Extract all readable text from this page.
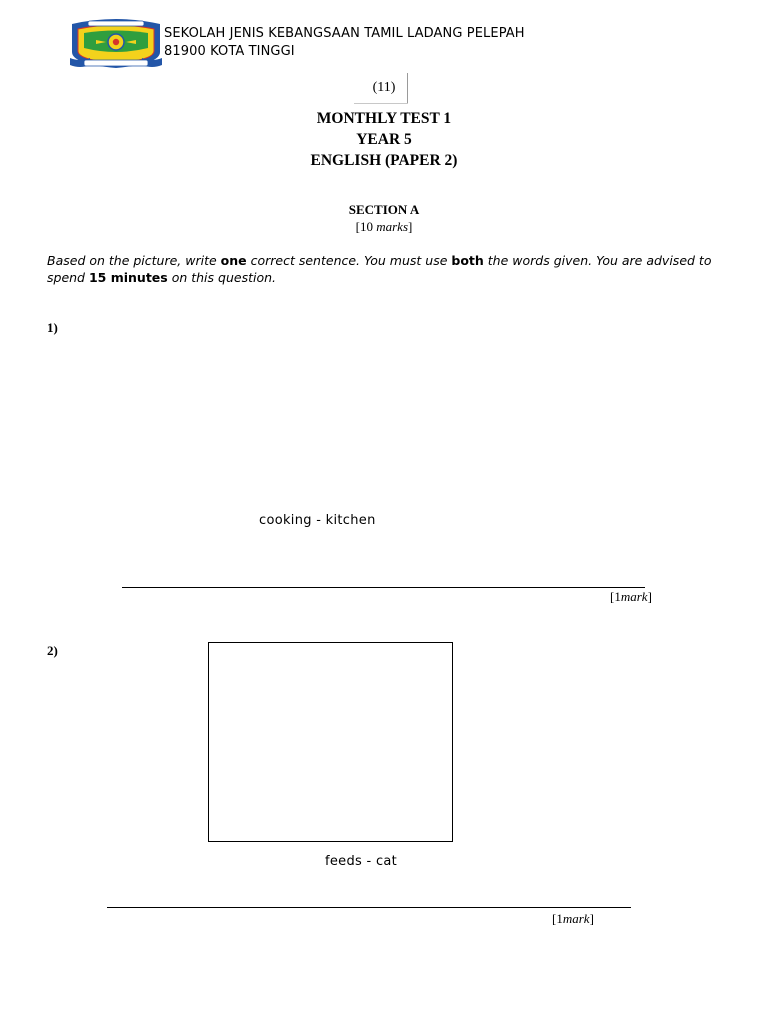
SEKOLAH JENIS KEBANGSAAN TAMIL LADANG PELEPAH
81900 KOTA TINGGI
(11)
MONTHLY TEST 1
YEAR 5
ENGLISH (PAPER 2)
SECTION A
[10 marks]
Based on the picture, write one correct sentence. You must use both the words given. You are advised to spend 15 minutes on this question.
1)
cooking - kitchen
[1mark]
2)
feeds - cat
[1mark]
